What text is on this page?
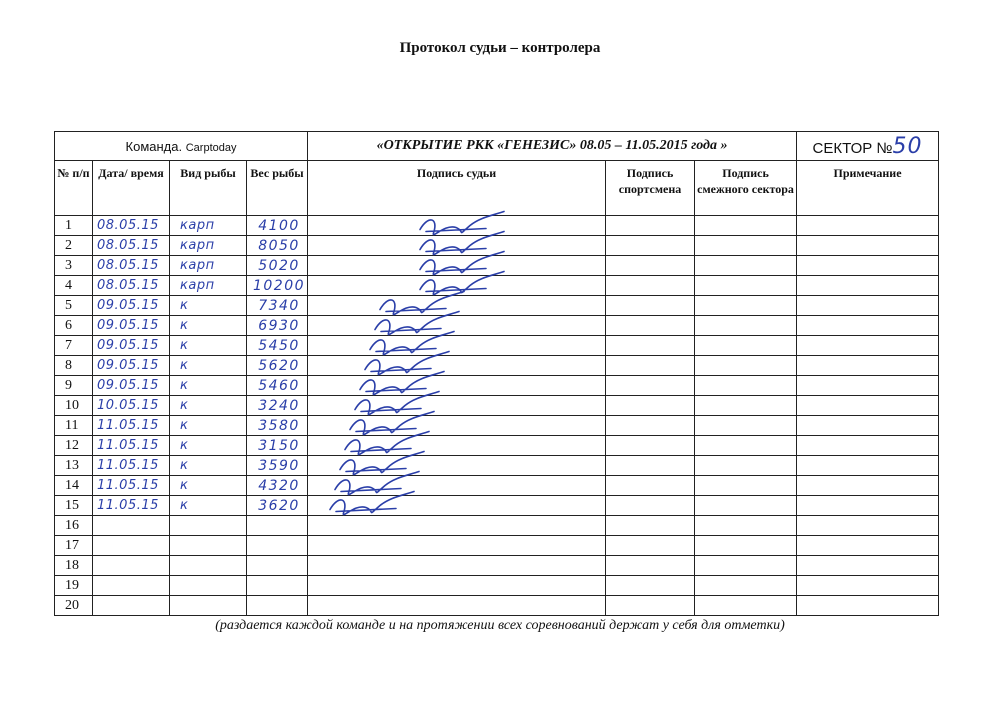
Протокол судьи – контролера
Команда. Carptoday				«ОТКРЫТИЕ РКК «ГЕНЕЗИС» 08.05 – 11.05.2015 года »			СЕКТОР №50
№ п/п	Дата/ время	Вид рыбы	Вес рыбы	Подпись судьи	Подпись спортсмена	Подпись смежного сектора	Примечание
1	08.05.15	карп	4100				
2	08.05.15	карп	8050				
3	08.05.15	карп	5020				
4	08.05.15	карп	10200				
5	09.05.15	к	7340				
6	09.05.15	к	6930				
7	09.05.15	к	5450				
8	09.05.15	к	5620				
9	09.05.15	к	5460				
10	10.05.15	к	3240				
11	11.05.15	к	3580				
12	11.05.15	к	3150				
13	11.05.15	к	3590				
14	11.05.15	к	4320				
15	11.05.15	к	3620				
16							
17							
18							
19							
20							
(раздается каждой команде и на протяжении всех соревнований держат у себя для отметки)
